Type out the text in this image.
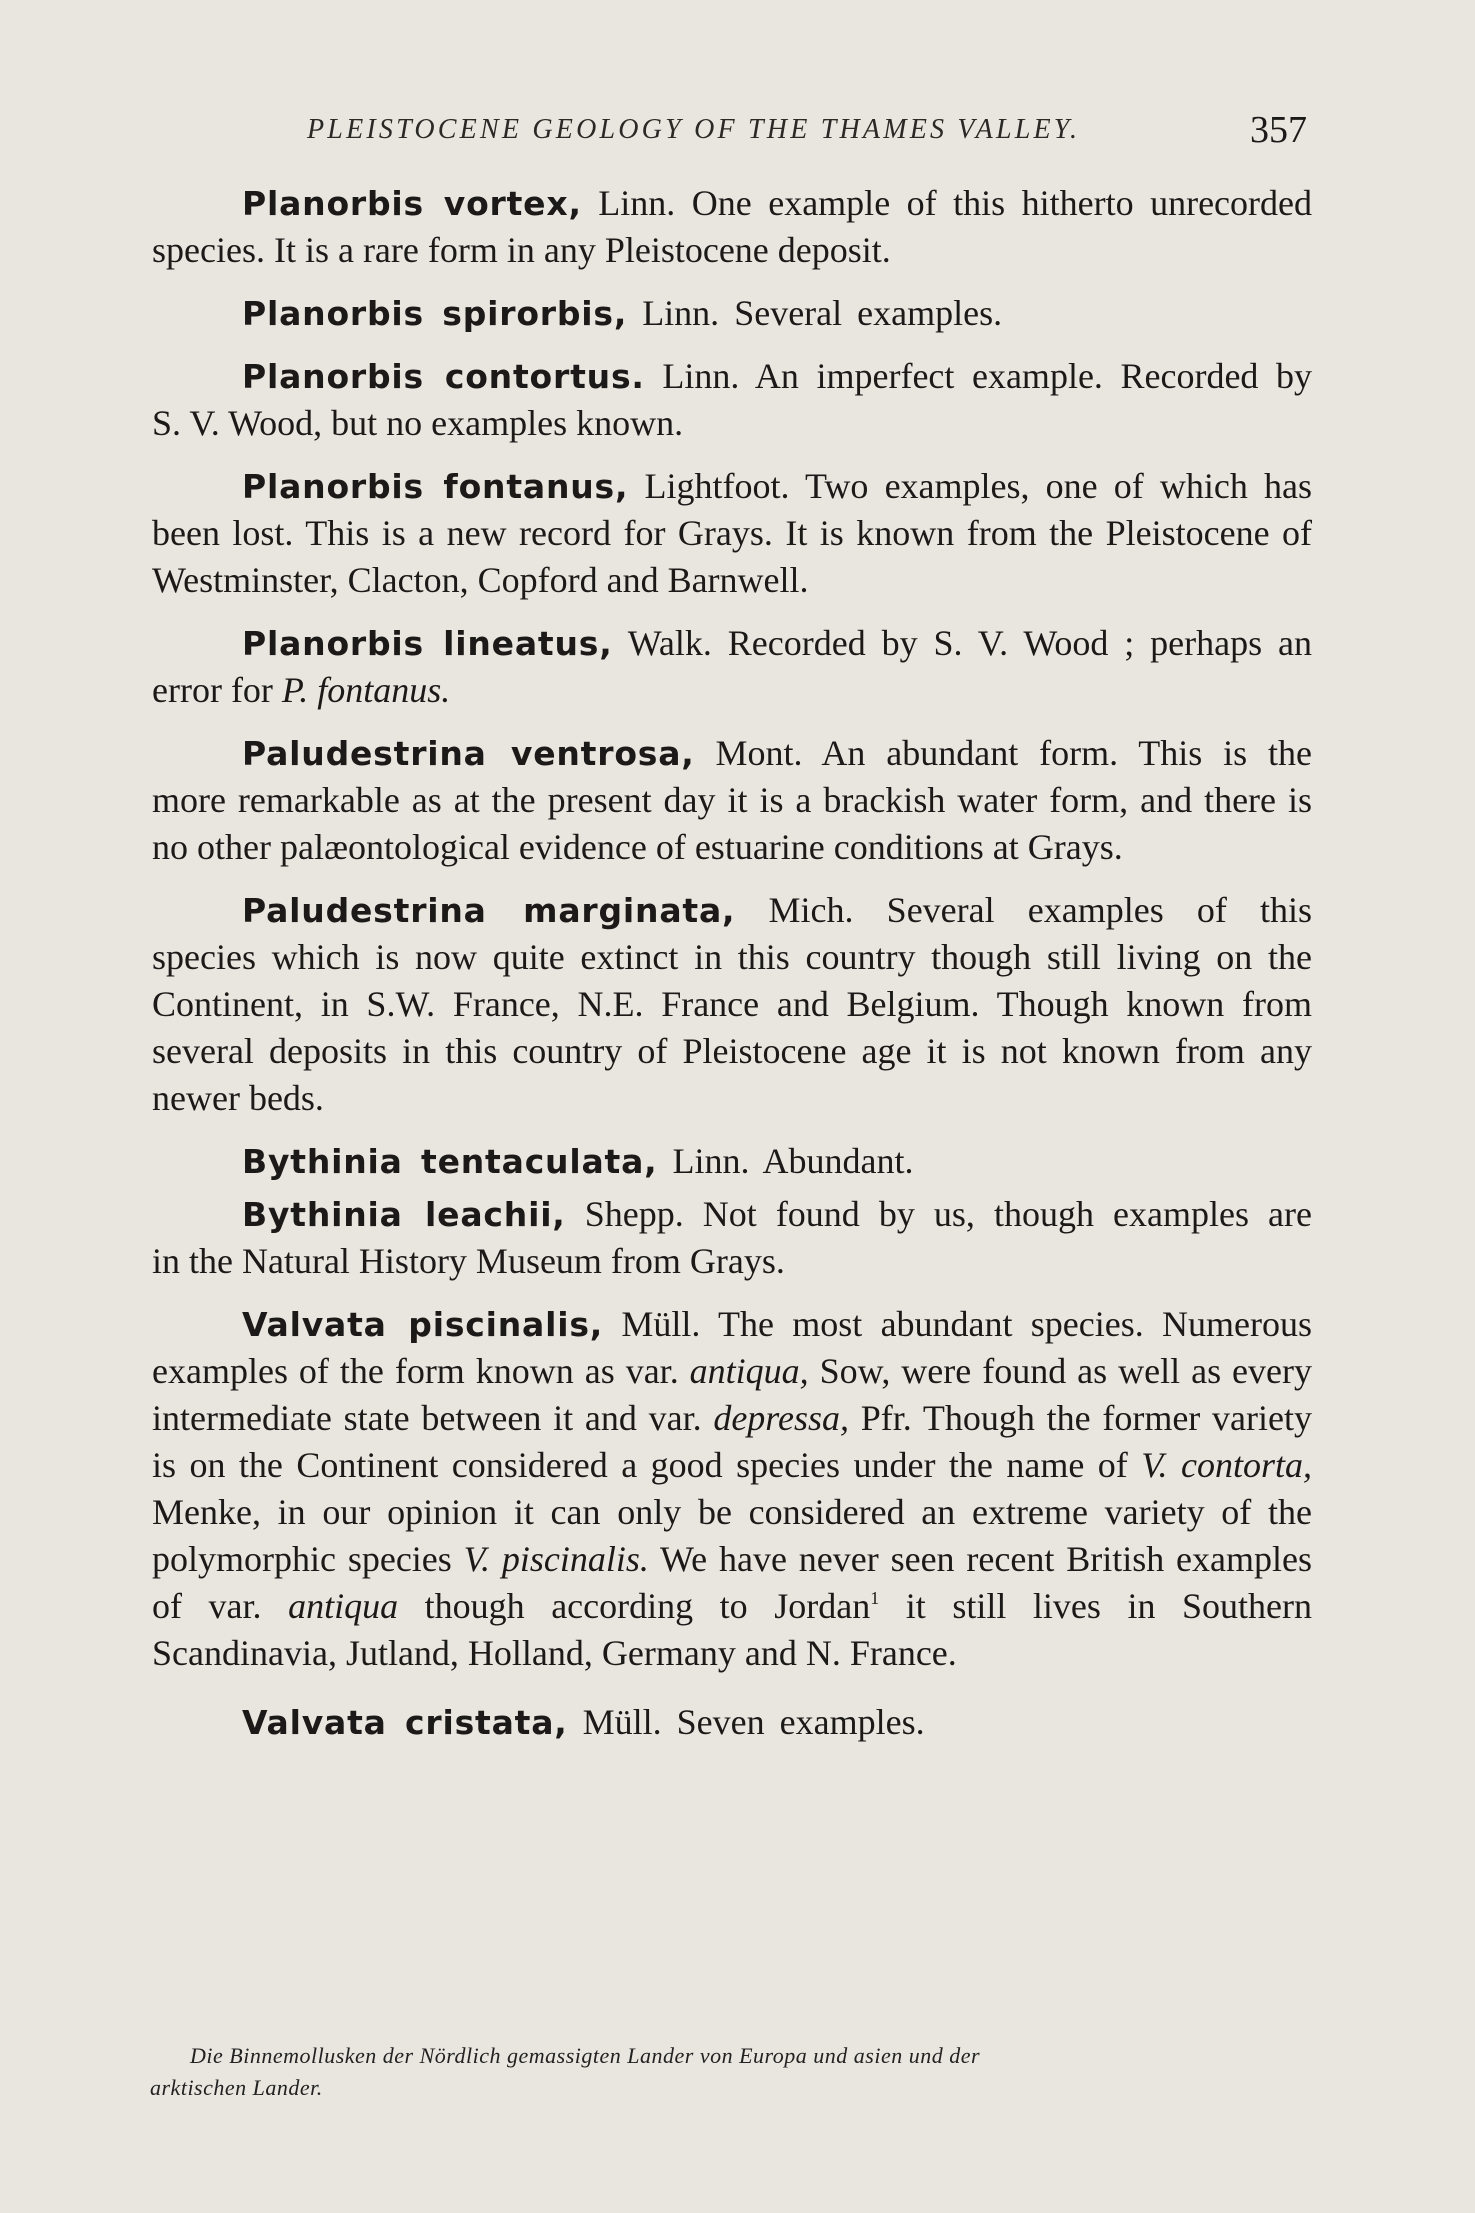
PLEISTOCENE GEOLOGY OF THE THAMES VALLEY.	357

Planorbis vortex, Linn. One example of this hitherto unrecorded species. It is a rare form in any Pleistocene deposit.

Planorbis spirorbis, Linn. Several examples.

Planorbis contortus. Linn. An imperfect example. Recorded by S. V. Wood, but no examples known.

Planorbis fontanus, Lightfoot. Two examples, one of which has been lost. This is a new record for Grays. It is known from the Pleistocene of Westminster, Clacton, Copford and Barnwell.

Planorbis lineatus, Walk. Recorded by S. V. Wood ; perhaps an error for P. fontanus.

Paludestrina ventrosa, Mont. An abundant form. This is the more remarkable as at the present day it is a brackish water form, and there is no other palæontological evidence of estuarine conditions at Grays.

Paludestrina marginata, Mich. Several examples of this species which is now quite extinct in this country though still living on the Continent, in S.W. France, N.E. France and Belgium. Though known from several deposits in this country of Pleistocene age it is not known from any newer beds.

Bythinia tentaculata, Linn. Abundant.

Bythinia leachii, Shepp. Not found by us, though examples are in the Natural History Museum from Grays.

Valvata piscinalis, Müll. The most abundant species. Numerous examples of the form known as var. antiqua, Sow, were found as well as every intermediate state between it and var. depressa, Pfr. Though the former variety is on the Continent considered a good species under the name of V. contorta, Menke, in our opinion it can only be considered an extreme variety of the polymorphic species V. piscinalis. We have never seen recent British examples of var. antiqua though according to Jordan$^1$ it still lives in Southern Scandinavia, Jutland, Holland, Germany and N. France.

Valvata cristata, Müll. Seven examples.

Die Binnemollusken der Nördlich gemassigten Lander von Europa und asien und der
arktischen Lander.
